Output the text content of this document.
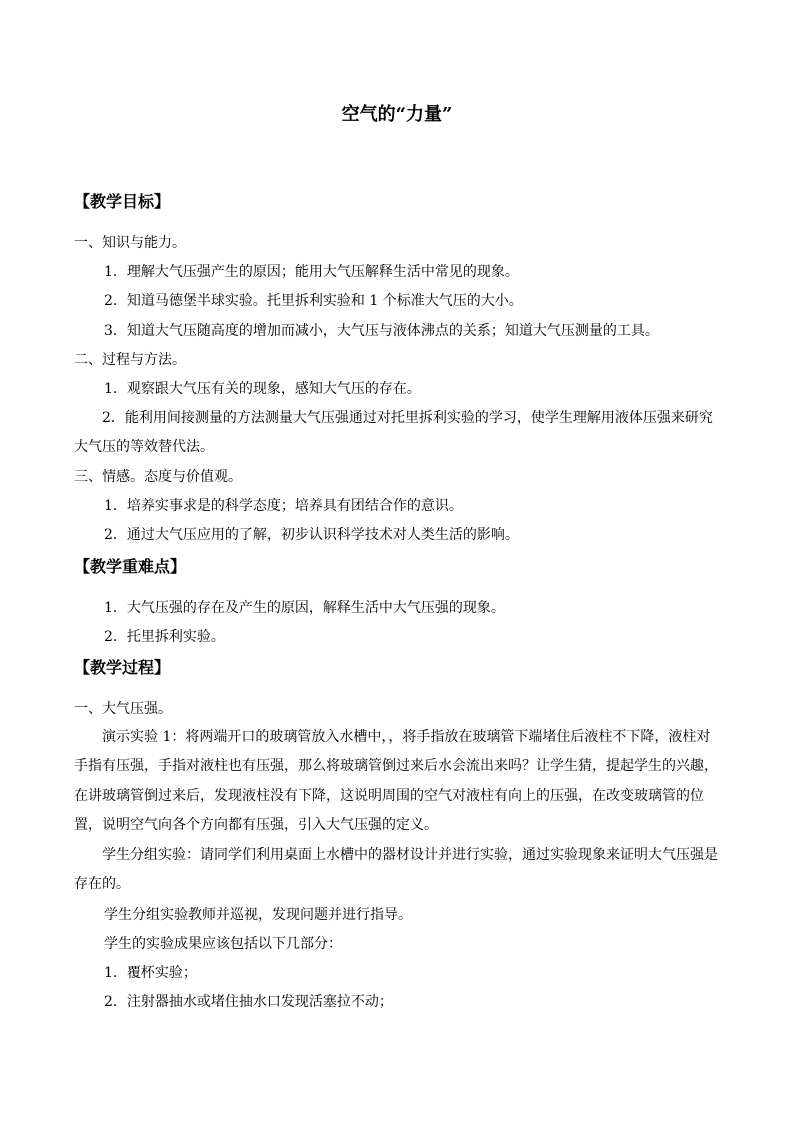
空气的“力量”
【教学目标】
一、知识与能力。
1．理解大气压强产生的原因；能用大气压解释生活中常见的现象。
2．知道马德堡半球实验。托里拆利实验和 1 个标准大气压的大小。
3．知道大气压随高度的增加而减小，大气压与液体沸点的关系；知道大气压测量的工具。
二、过程与方法。
1．观察跟大气压有关的现象，感知大气压的存在。

2．能利用间接测量的方法测量大气压强通过对托里拆利实验的学习，使学生理解用液体压强来研究大气压的等效替代法。

三、情感。态度与价值观。
1．培养实事求是的科学态度；培养具有团结合作的意识。
2．通过大气压应用的了解，初步认识科学技术对人类生活的影响。
【教学重难点】
1．大气压强的存在及产生的原因，解释生活中大气压强的现象。
2．托里拆利实验。
【教学过程】
一、大气压强。

演示实验 1：将两端开口的玻璃管放入水槽中，，将手指放在玻璃管下端堵住后液柱不下降，液柱对手指有压强，手指对液柱也有压强，那么将玻璃管倒过来后水会流出来吗？让学生猜，提起学生的兴趣，在讲玻璃管倒过来后，发现液柱没有下降，这说明周围的空气对液柱有向上的压强，在改变玻璃管的位置，说明空气向各个方向都有压强，引入大气压强的定义。

学生分组实验：请同学们利用桌面上水槽中的器材设计并进行实验，通过实验现象来证明大气压强是存在的。

学生分组实验教师并巡视，发现问题并进行指导。
学生的实验成果应该包括以下几部分：
1．覆杯实验；
2．注射器抽水或堵住抽水口发现活塞拉不动；
